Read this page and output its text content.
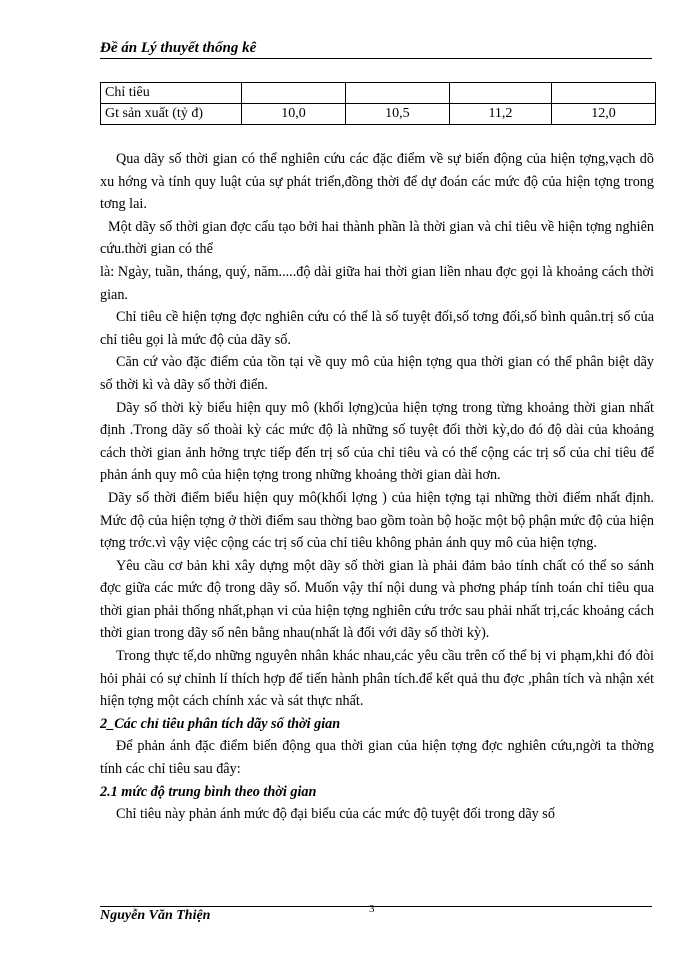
Đề án Lý thuyết thống kê
Chỉ tiêu				
Gt sản xuất (tỷ đ)	10,0	10,5	11,2	12,0

Qua dãy số thời gian có thể nghiên cứu các đặc điểm về sự biến động của hiện tợng,vạch dõ xu hớng và tính quy luật của sự phát triển,đồng thời để dự đoán các mức độ của hiện tợng trong tơng lai.

Một dãy số thời gian đợc cấu tạo bởi hai thành phần là thời gian và chỉ tiêu về hiện tợng nghiên cứu.thời gian có thể

là: Ngày, tuần, tháng, quý, năm.....độ dài giữa hai thời gian liền nhau đợc gọi là khoảng cách thời gian.

Chỉ tiêu cề hiện tợng đợc nghiên cứu có thể là số tuyệt đối,số tơng đối,số bình quân.trị số của chỉ tiêu gọi là mức độ của dãy số.

Căn cứ vào đặc điểm của tồn tại về quy mô của hiện tợng qua thời gian có thể phân biệt dãy số thời kì và dãy số thời điển.

Dãy số thời kỳ biểu hiện quy mô (khối lợng)của hiện tợng trong từng khoảng thời gian nhất định .Trong dãy số thoài kỳ các mức độ là những số tuyệt đối thời kỳ,do đó độ dài của khoảng cách thời gian ảnh hởng trực tiếp đến trị số của chỉ tiêu và có thể cộng các trị số của chỉ tiêu để phản ánh quy mô của hiện tợng trong những khoảng thời gian dài hơn.

Dãy số thời điểm biểu hiện quy mô(khối lợng ) của hiện tợng tại những thời điểm nhất định. Mức độ của hiện tợng ở thời điểm sau thờng bao gồm toàn bộ hoặc một bộ phận mức độ của hiện tợng trớc.vì vậy việc cộng các trị số của chỉ tiêu không phản ánh quy mô của hiện tợng.

Yêu cầu cơ bản khi xây dựng một dãy số thời gian là phải đảm bảo tính chất có thể so sánh đợc giữa các mức độ trong dãy số. Muốn vậy thí nội dung và phơng pháp tính toán chỉ tiêu qua thời gian phải thống nhất,phạn vi của hiện tợng nghiên cứu trớc sau phải nhất trị,các khoảng cách thời gian trong dãy số nên bằng nhau(nhất là đối với dãy số thời kỳ).

Trong thực tế,do những nguyên nhân khác nhau,các yêu cầu trên cố thể bị vi phạm,khi đó đòi hỏi phải có sự chỉnh lí thích hợp để tiến hành phân tích.để kết quả thu đợc ,phân tích và nhận xét hiện tợng một cách chính xác và sát thực nhất.

2_Các chỉ tiêu phân tích dãy số thời gian

Để phản ánh đặc điểm biến động qua thời gian của hiện tợng đợc nghiên cứu,ngời ta thờng tính các chỉ tiêu sau đây:

2.1 mức độ trung bình theo thời gian

Chỉ tiêu này phản ánh mức độ đại biểu của các mức độ tuyệt đối trong dãy số

3
Nguyễn Văn Thiện
